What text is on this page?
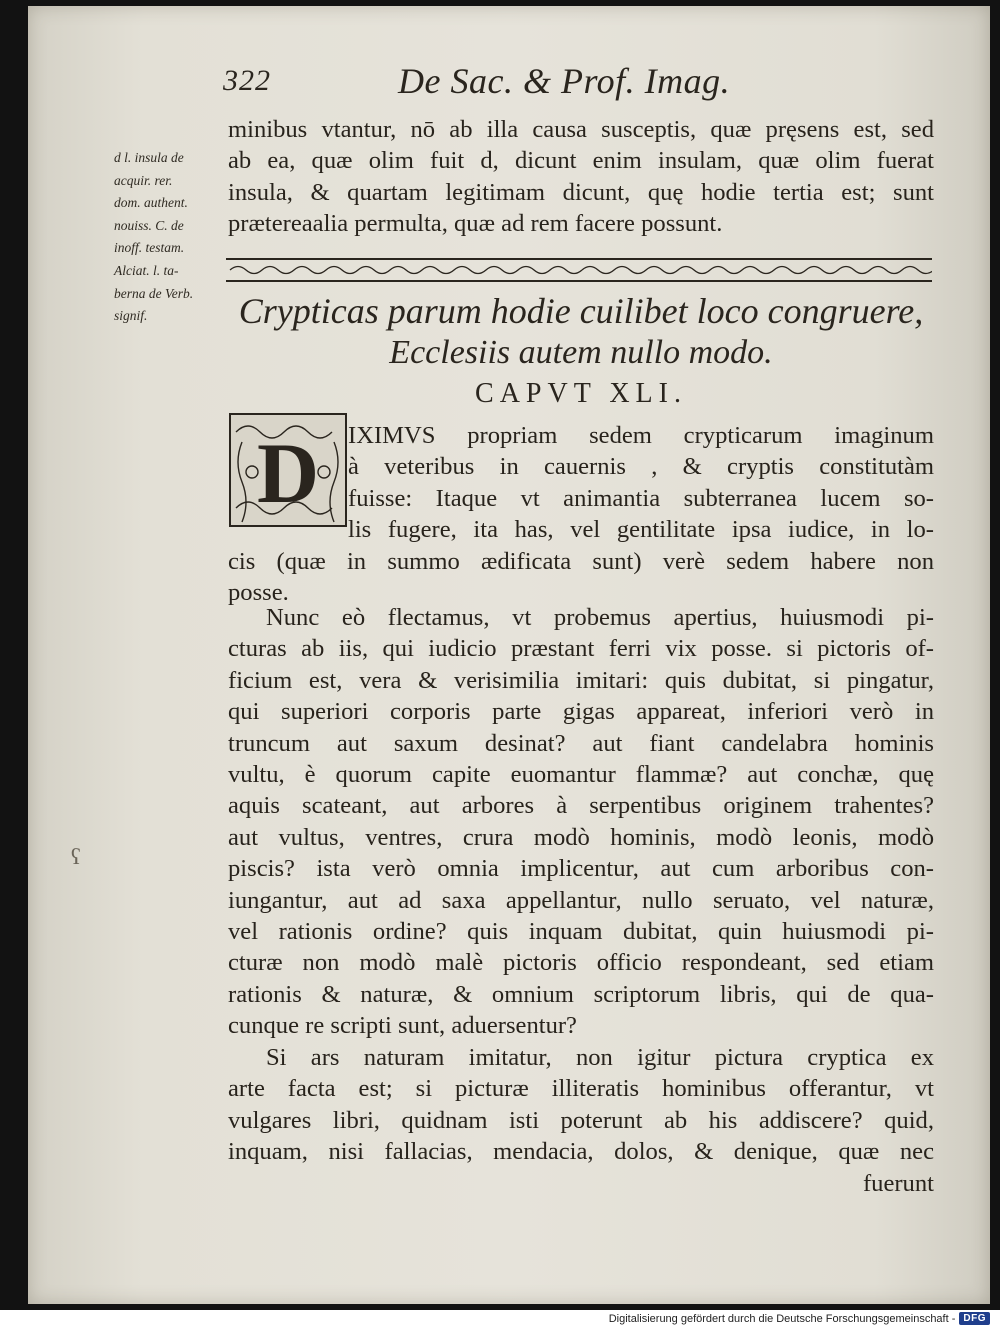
322	De Sac. & Prof. Imag.
d l. insula de
acquir. rer.
dom. authent.
nouiss. C. de
inoff. testam.
Alciat. l. ta-
berna de Verb.
signif.
minibus vtantur, nō ab illa causa susceptis, quæ pręsens est, sed
ab ea, quæ olim fuit d, dicunt enim insulam, quæ olim fuerat
insula, & quartam legitimam dicunt, quę hodie tertia est; sunt
prætereaalia permulta, quæ ad rem facere possunt.
Crypticas parum hodie cuilibet loco congruere,
Ecclesiis autem nullo modo.
CAPVT XLI.
D	IXIMVS propriam sedem crypticarum imaginum
à veteribus in cauernis , & cryptis constitutàm
fuisse: Itaque vt animantia subterranea lucem so-
lis fugere, ita has, vel gentilitate ipsa iudice, in lo-
cis (quæ in summo ædificata sunt) verè sedem habere non
posse.
Nunc eò flectamus, vt probemus apertius, huiusmodi pi-
cturas ab iis, qui iudicio præstant ferri vix posse. si pictoris of-
ficium est, vera & verisimilia imitari: quis dubitat, si pingatur,
qui superiori corporis parte gigas appareat, inferiori verò in
truncum aut saxum desinat? aut fiant candelabra hominis
vultu, è quorum capite euomantur flammæ? aut conchæ, quę
aquis scateant, aut arbores à serpentibus originem trahentes?
aut vultus, ventres, crura modò hominis, modò leonis, modò
piscis? ista verò omnia implicentur, aut cum arboribus con-
iungantur, aut ad saxa appellantur, nullo seruato, vel naturæ,
vel rationis ordine? quis inquam dubitat, quin huiusmodi pi-
cturæ non modò malè pictoris officio respondeant, sed etiam
rationis & naturæ, & omnium scriptorum libris, qui de qua-
cunque re scripti sunt, aduersentur?
Si ars naturam imitatur, non igitur pictura cryptica ex
arte facta est; si picturæ illiteratis hominibus offerantur, vt
vulgares libri, quidnam isti poterunt ab his addiscere? quid,
inquam, nisi fallacias, mendacia, dolos, & denique, quæ nec
fuerunt
ʕ
Digitalisierung gefördert durch die Deutsche Forschungsgemeinschaft - DFG
